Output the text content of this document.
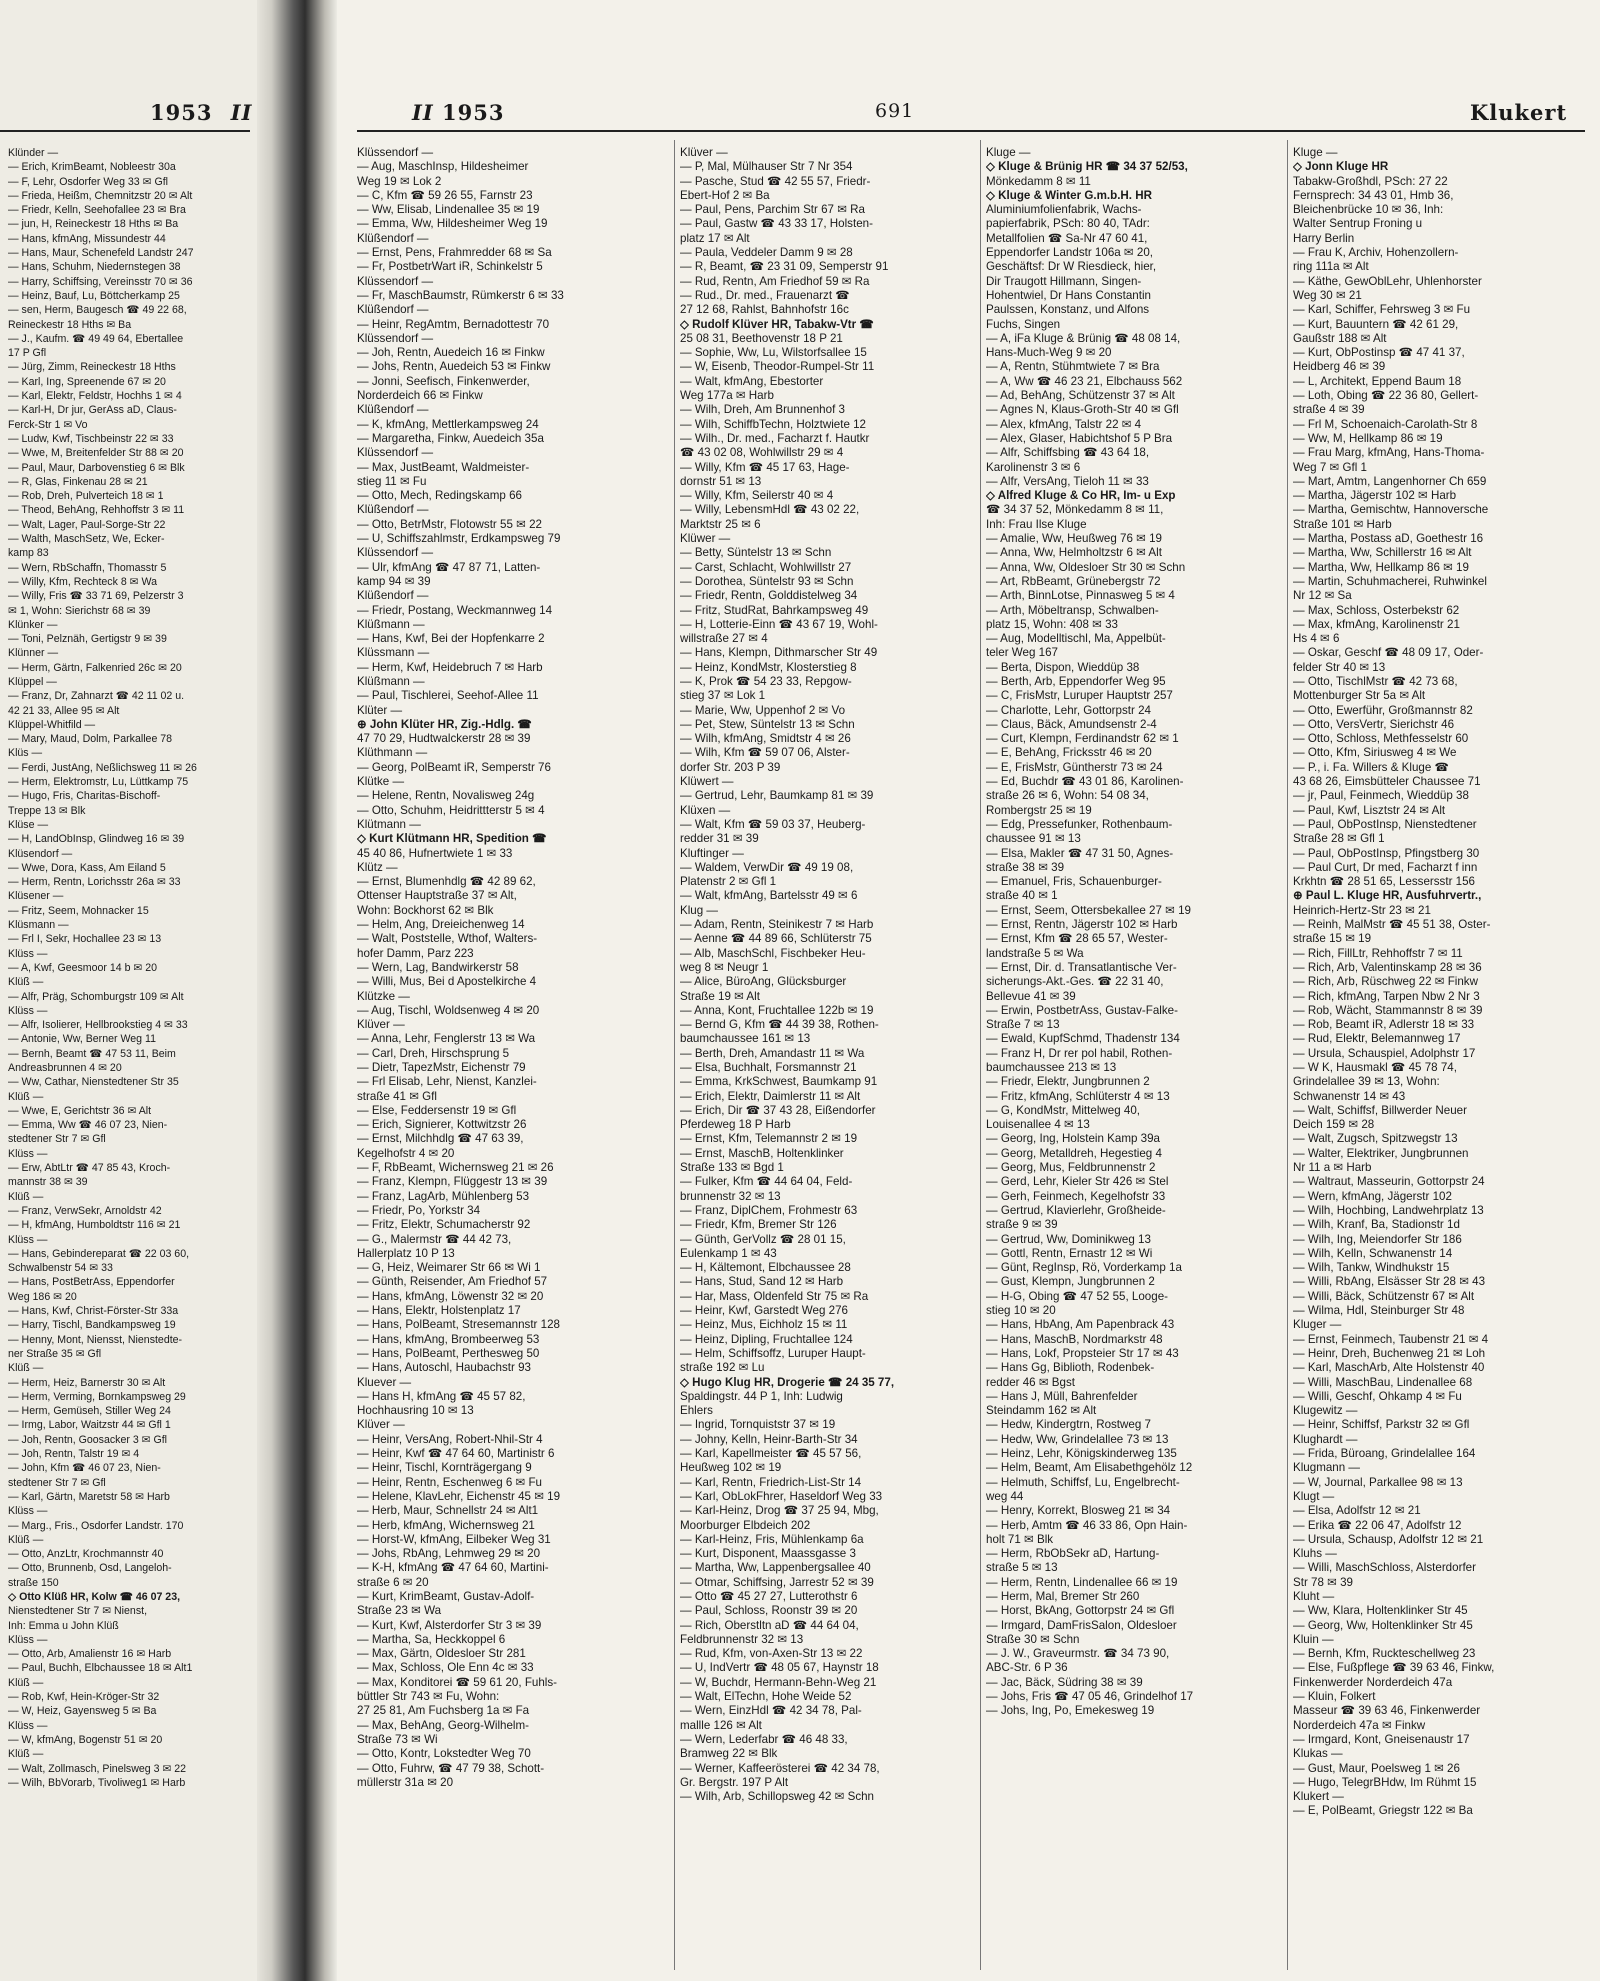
1953 II
Klünder —
— Erich, KrimBeamt, Nobleestr 30a
— F, Lehr, Osdorfer Weg 33 ✉ Gfl
— Frieda, Heißm, Chemnitzstr 20 ✉ Alt
— Friedr, Kelln, Seehofallee 23 ✉ Bra
— jun, H, Reineckestr 18 Hths ✉ Ba
— Hans, kfmAng, Missundestr 44
— Hans, Maur, Schenefeld Landstr 247
— Hans, Schuhm, Niedernstegen 38
— Harry, Schiffsing, Vereinsstr 70 ✉ 36
— Heinz, Bauf, Lu, Böttcherkamp 25
— sen, Herm, Baugesch ☎ 49 22 68,
Reineckestr 18 Hths ✉ Ba
— J., Kaufm. ☎ 49 49 64, Ebertallee
17 P Gfl
— Jürg, Zimm, Reineckestr 18 Hths
— Karl, Ing, Spreenende 67 ✉ 20
— Karl, Elektr, Feldstr, Hochhs 1 ✉ 4
— Karl-H, Dr jur, GerAss aD, Claus-
Ferck-Str 1 ✉ Vo
— Ludw, Kwf, Tischbeinstr 22 ✉ 33
— Wwe, M, Breitenfelder Str 88 ✉ 20
— Paul, Maur, Darbovenstieg 6 ✉ Blk
— R, Glas, Finkenau 28 ✉ 21
— Rob, Dreh, Pulverteich 18 ✉ 1
— Theod, BehAng, Rehhoffstr 3 ✉ 11
— Walt, Lager, Paul-Sorge-Str 22
— Walth, MaschSetz, We, Ecker-
kamp 83
— Wern, RbSchaffn, Thomasstr 5
— Willy, Kfm, Rechteck 8 ✉ Wa
— Willy, Fris ☎ 33 71 69, Pelzerstr 3
✉ 1, Wohn: Sierichstr 68 ✉ 39
Klünker —
— Toni, Pelznäh, Gertigstr 9 ✉ 39
Klünner —
— Herm, Gärtn, Falkenried 26c ✉ 20
Klüppel —
— Franz, Dr, Zahnarzt ☎ 42 11 02 u.
42 21 33, Allee 95 ✉ Alt
Klüppel-Whitfild —
— Mary, Maud, Dolm, Parkallee 78
Klüs —
— Ferdi, JustAng, Neßlichsweg 11 ✉ 26
— Herm, Elektromstr, Lu, Lüttkamp 75
— Hugo, Fris, Charitas-Bischoff-
Treppe 13 ✉ Blk
Klüse —
— H, LandObInsp, Glindweg 16 ✉ 39
Klüsendorf —
— Wwe, Dora, Kass, Am Eiland 5
— Herm, Rentn, Lorichsstr 26a ✉ 33
Klüsener —
— Fritz, Seem, Mohnacker 15
Klüsmann —
— Frl I, Sekr, Hochallee 23 ✉ 13
Klüss —
— A, Kwf, Geesmoor 14 b ✉ 20
Klüß —
— Alfr, Präg, Schomburgstr 109 ✉ Alt
Klüss —
— Alfr, Isolierer, Hellbrookstieg 4 ✉ 33
— Antonie, Ww, Berner Weg 11
— Bernh, Beamt ☎ 47 53 11, Beim
Andreasbrunnen 4 ✉ 20
— Ww, Cathar, Nienstedtener Str 35
Klüß —
— Wwe, E, Gerichtstr 36 ✉ Alt
— Emma, Ww ☎ 46 07 23, Nien-
stedtener Str 7 ✉ Gfl
Klüss —
— Erw, AbtLtr ☎ 47 85 43, Kroch-
mannstr 38 ✉ 39
Klüß —
— Franz, VerwSekr, Arnoldstr 42
— H, kfmAng, Humboldtstr 116 ✉ 21
Klüss —
— Hans, Gebindereparat ☎ 22 03 60,
Schwalbenstr 54 ✉ 33
— Hans, PostBetrAss, Eppendorfer
Weg 186 ✉ 20
— Hans, Kwf, Christ-Förster-Str 33a
— Harry, Tischl, Bandkampsweg 19
— Henny, Mont, Niensst, Nienstedte-
ner Straße 35 ✉ Gfl
Klüß —
— Herm, Heiz, Barnerstr 30 ✉ Alt
— Herm, Verming, Bornkampsweg 29
— Herm, Gemüseh, Stiller Weg 24
— Irmg, Labor, Waitzstr 44 ✉ Gfl 1
— Joh, Rentn, Goosacker 3 ✉ Gfl
— Joh, Rentn, Talstr 19 ✉ 4
— John, Kfm ☎ 46 07 23, Nien-
stedtener Str 7 ✉ Gfl
— Karl, Gärtn, Maretstr 58 ✉ Harb
Klüss —
— Marg., Fris., Osdorfer Landstr. 170
Klüß —
— Otto, AnzLtr, Krochmannstr 40
— Otto, Brunnenb, Osd, Langeloh-
straße 150
◇ Otto Klüß HR, Kolw ☎ 46 07 23,
Nienstedtener Str 7 ✉ Nienst,
Inh: Emma u John Klüß
Klüss —
— Otto, Arb, Amalienstr 16 ✉ Harb
— Paul, Buchh, Elbchaussee 18 ✉ Alt1
Klüß —
— Rob, Kwf, Hein-Kröger-Str 32
— W, Heiz, Gayensweg 5 ✉ Ba
Klüss —
— W, kfmAng, Bogenstr 51 ✉ 20
Klüß —
— Walt, Zollmasch, Pinelsweg 3 ✉ 22
— Wilh, BbVorarb, Tivoliweg1 ✉ Harb
II 1953	691	Klukert
Klüssendorf —
— Aug, MaschInsp, Hildesheimer
Weg 19 ✉ Lok 2
— C, Kfm ☎ 59 26 55, Farnstr 23
— Ww, Elisab, Lindenallee 35 ✉ 19
— Emma, Ww, Hildesheimer Weg 19
Klüßendorf —
— Ernst, Pens, Frahmredder 68 ✉ Sa
— Fr, PostbetrWart iR, Schinkelstr 5
Klüssendorf —
— Fr, MaschBaumstr, Rümkerstr 6 ✉ 33
Klüßendorf —
— Heinr, RegAmtm, Bernadottestr 70
Klüssendorf —
— Joh, Rentn, Auedeich 16 ✉ Finkw
— Johs, Rentn, Auedeich 53 ✉ Finkw
— Jonni, Seefisch, Finkenwerder,
Norderdeich 66 ✉ Finkw
Klüßendorf —
— K, kfmAng, Mettlerkampsweg 24
— Margaretha, Finkw, Auedeich 35a
Klüssendorf —
— Max, JustBeamt, Waldmeister-
stieg 11 ✉ Fu
— Otto, Mech, Redingskamp 66
Klüßendorf —
— Otto, BetrMstr, Flotowstr 55 ✉ 22
— U, Schiffszahlmstr, Erdkampsweg 79
Klüssendorf —
— Ulr, kfmAng ☎ 47 87 71, Latten-
kamp 94 ✉ 39
Klüßendorf —
— Friedr, Postang, Weckmannweg 14
Klüßmann —
— Hans, Kwf, Bei der Hopfenkarre 2
Klüssmann —
— Herm, Kwf, Heidebruch 7 ✉ Harb
Klüßmann —
— Paul, Tischlerei, Seehof-Allee 11
Klüter —
⊕ John Klüter HR, Zig.-Hdlg. ☎
47 70 29, Hudtwalckerstr 28 ✉ 39
Klüthmann —
— Georg, PolBeamt iR, Semperstr 76
Klütke —
— Helene, Rentn, Novalisweg 24g
— Otto, Schuhm, Heidrittterstr 5 ✉ 4
Klütmann —
◇ Kurt Klütmann HR, Spedition ☎
45 40 86, Hufnertwiete 1 ✉ 33
Klütz —
— Ernst, Blumenhdlg ☎ 42 89 62,
Ottenser Hauptstraße 37 ✉ Alt,
Wohn: Bockhorst 62 ✉ Blk
— Helm, Ang, Dreieichenweg 14
— Walt, Poststelle, Wthof, Walters-
hofer Damm, Parz 223
— Wern, Lag, Bandwirkerstr 58
— Willi, Mus, Bei d Apostelkirche 4
Klützke —
— Aug, Tischl, Woldsenweg 4 ✉ 20
Klüver —
— Anna, Lehr, Fenglerstr 13 ✉ Wa
— Carl, Dreh, Hirschsprung 5
— Dietr, TapezMstr, Eichenstr 79
— Frl Elisab, Lehr, Nienst, Kanzlei-
straße 41 ✉ Gfl
— Else, Feddersenstr 19 ✉ Gfl
— Erich, Signierer, Kottwitzstr 26
— Ernst, Milchhdlg ☎ 47 63 39,
Kegelhofstr 4 ✉ 20
— F, RbBeamt, Wichernsweg 21 ✉ 26
— Franz, Klempn, Flüggestr 13 ✉ 39
— Franz, LagArb, Mühlenberg 53
— Friedr, Po, Yorkstr 34
— Fritz, Elektr, Schumacherstr 92
— G., Malermstr ☎ 44 42 73,
Hallerplatz 10 P 13
— G, Heiz, Weimarer Str 66 ✉ Wi 1
— Günth, Reisender, Am Friedhof 57
— Hans, kfmAng, Löwenstr 32 ✉ 20
— Hans, Elektr, Holstenplatz 17
— Hans, PolBeamt, Stresemannstr 128
— Hans, kfmAng, Brombeerweg 53
— Hans, PolBeamt, Perthesweg 50
— Hans, Autoschl, Haubachstr 93
Kluever —
— Hans H, kfmAng ☎ 45 57 82,
Hochhausring 10 ✉ 13
Klüver —
— Heinr, VersAng, Robert-Nhil-Str 4
— Heinr, Kwf ☎ 47 64 60, Martinistr 6
— Heinr, Tischl, Kornträgergang 9
— Heinr, Rentn, Eschenweg 6 ✉ Fu
— Helene, KlavLehr, Eichenstr 45 ✉ 19
— Herb, Maur, Schnellstr 24 ✉ Alt1
— Herb, kfmAng, Wichernsweg 21
— Horst-W, kfmAng, Eilbeker Weg 31
— Johs, RbAng, Lehmweg 29 ✉ 20
— K-H, kfmAng ☎ 47 64 60, Martini-
straße 6 ✉ 20
— Kurt, KrimBeamt, Gustav-Adolf-
Straße 23 ✉ Wa
— Kurt, Kwf, Alsterdorfer Str 3 ✉ 39
— Martha, Sa, Heckkoppel 6
— Max, Gärtn, Oldesloer Str 281
— Max, Schloss, Ole Enn 4c ✉ 33
— Max, Konditorei ☎ 59 61 20, Fuhls-
büttler Str 743 ✉ Fu, Wohn:
27 25 81, Am Fuchsberg 1a ✉ Fa
— Max, BehAng, Georg-Wilhelm-
Straße 73 ✉ Wi
— Otto, Kontr, Lokstedter Weg 70
— Otto, Fuhrw, ☎ 47 79 38, Schott-
müllerstr 31a ✉ 20
Klüver —
— P, Mal, Mülhauser Str 7 Nr 354
— Pasche, Stud ☎ 42 55 57, Friedr-
Ebert-Hof 2 ✉ Ba
— Paul, Pens, Parchim Str 67 ✉ Ra
— Paul, Gastw ☎ 43 33 17, Holsten-
platz 17 ✉ Alt
— Paula, Veddeler Damm 9 ✉ 28
— R, Beamt, ☎ 23 31 09, Semperstr 91
— Rud, Rentn, Am Friedhof 59 ✉ Ra
— Rud., Dr. med., Frauenarzt ☎
27 12 68, Rahlst, Bahnhofstr 16c
◇ Rudolf Klüver HR, Tabakw-Vtr ☎
25 08 31, Beethovenstr 18 P 21
— Sophie, Ww, Lu, Wilstorfsallee 15
— W, Eisenb, Theodor-Rumpel-Str 11
— Walt, kfmAng, Ebestorter
Weg 177a ✉ Harb
— Wilh, Dreh, Am Brunnenhof 3
— Wilh, SchiffbTechn, Holztwiete 12
— Wilh., Dr. med., Facharzt f. Hautkr
☎ 43 02 08, Wohlwillstr 29 ✉ 4
— Willy, Kfm ☎ 45 17 63, Hage-
dornstr 51 ✉ 13
— Willy, Kfm, Seilerstr 40 ✉ 4
— Willy, LebensmHdl ☎ 43 02 22,
Marktstr 25 ✉ 6
Klüwer —
— Betty, Süntelstr 13 ✉ Schn
— Carst, Schlacht, Wohlwillstr 27
— Dorothea, Süntelstr 93 ✉ Schn
— Friedr, Rentn, Golddistelweg 34
— Fritz, StudRat, Bahrkampsweg 49
— H, Lotterie-Einn ☎ 43 67 19, Wohl-
willstraße 27 ✉ 4
— Hans, Klempn, Dithmarscher Str 49
— Heinz, KondMstr, Klosterstieg 8
— K, Prok ☎ 54 23 33, Repgow-
stieg 37 ✉ Lok 1
— Marie, Ww, Uppenhof 2 ✉ Vo
— Pet, Stew, Süntelstr 13 ✉ Schn
— Wilh, kfmAng, Smidtstr 4 ✉ 26
— Wilh, Kfm ☎ 59 07 06, Alster-
dorfer Str. 203 P 39
Klüwert —
— Gertrud, Lehr, Baumkamp 81 ✉ 39
Klüxen —
— Walt, Kfm ☎ 59 03 37, Heuberg-
redder 31 ✉ 39
Kluftinger —
— Waldem, VerwDir ☎ 49 19 08,
Platenstr 2 ✉ Gfl 1
— Walt, kfmAng, Bartelsstr 49 ✉ 6
Klug —
— Adam, Rentn, Steinikestr 7 ✉ Harb
— Aenne ☎ 44 89 66, Schlüterstr 75
— Alb, MaschSchl, Fischbeker Heu-
weg 8 ✉ Neugr 1
— Alice, BüroAng, Glücksburger
Straße 19 ✉ Alt
— Anna, Kont, Fruchtallee 122b ✉ 19
— Bernd G, Kfm ☎ 44 39 38, Rothen-
baumchaussee 161 ✉ 13
— Berth, Dreh, Amandastr 11 ✉ Wa
— Elsa, Buchhalt, Forsmannstr 21
— Emma, KrkSchwest, Baumkamp 91
— Erich, Elektr, Daimlerstr 11 ✉ Alt
— Erich, Dir ☎ 37 43 28, Eißendorfer
Pferdeweg 18 P Harb
— Ernst, Kfm, Telemannstr 2 ✉ 19
— Ernst, MaschB, Holtenklinker
Straße 133 ✉ Bgd 1
— Fulker, Kfm ☎ 44 64 04, Feld-
brunnenstr 32 ✉ 13
— Franz, DiplChem, Frohmestr 63
— Friedr, Kfm, Bremer Str 126
— Günth, GerVollz ☎ 28 01 15,
Eulenkamp 1 ✉ 43
— H, Kältemont, Elbchaussee 28
— Hans, Stud, Sand 12 ✉ Harb
— Har, Mass, Oldenfeld Str 75 ✉ Ra
— Heinr, Kwf, Garstedt Weg 276
— Heinz, Mus, Eichholz 15 ✉ 11
— Heinz, Dipling, Fruchtallee 124
— Helm, Schiffsoffz, Luruper Haupt-
straße 192 ✉ Lu
◇ Hugo Klug HR, Drogerie ☎ 24 35 77,
Spaldingstr. 44 P 1, Inh: Ludwig
Ehlers
— Ingrid, Tornquiststr 37 ✉ 19
— Johny, Kelln, Heinr-Barth-Str 34
— Karl, Kapellmeister ☎ 45 57 56,
Heußweg 102 ✉ 19
— Karl, Rentn, Friedrich-List-Str 14
— Karl, ObLokFhrer, Haseldorf Weg 33
— Karl-Heinz, Drog ☎ 37 25 94, Mbg,
Moorburger Elbdeich 202
— Karl-Heinz, Fris, Mühlenkamp 6a
— Kurt, Disponent, Maassgasse 3
— Martha, Ww, Lappenbergsallee 40
— Otmar, Schiffsing, Jarrestr 52 ✉ 39
— Otto ☎ 45 27 27, Lutterothstr 6
— Paul, Schloss, Roonstr 39 ✉ 20
— Rich, Oberstltn aD ☎ 44 64 04,
Feldbrunnenstr 32 ✉ 13
— Rud, Kfm, von-Axen-Str 13 ✉ 22
— U, IndVertr ☎ 48 05 67, Haynstr 18
— W, Buchdr, Hermann-Behn-Weg 21
— Walt, ElTechn, Hohe Weide 52
— Wern, EinzHdl ☎ 42 34 78, Pal-
mallle 126 ✉ Alt
— Wern, Lederfabr ☎ 46 48 33,
Bramweg 22 ✉ Blk
— Werner, Kaffeerösterei ☎ 42 34 78,
Gr. Bergstr. 197 P Alt
— Wilh, Arb, Schillopsweg 42 ✉ Schn
Kluge —
◇ Kluge & Brünig HR ☎ 34 37 52/53,
Mönkedamm 8 ✉ 11
◇ Kluge & Winter G.m.b.H. HR
Aluminiumfolienfabrik, Wachs-
papierfabrik, PSch: 80 40, TAdr:
Metallfolien ☎ Sa-Nr 47 60 41,
Eppendorfer Landstr 106a ✉ 20,
Geschäftsf: Dr W Riesdieck, hier,
Dir Traugott Hillmann, Singen-
Hohentwiel, Dr Hans Constantin
Paulssen, Konstanz, und Alfons
Fuchs, Singen
— A, iFa Kluge & Brünig ☎ 48 08 14,
Hans-Much-Weg 9 ✉ 20
— A, Rentn, Stühmtwiete 7 ✉ Bra
— A, Ww ☎ 46 23 21, Elbchauss 562
— Ad, BehAng, Schützenstr 37 ✉ Alt
— Agnes N, Klaus-Groth-Str 40 ✉ Gfl
— Alex, kfmAng, Talstr 22 ✉ 4
— Alex, Glaser, Habichtshof 5 P Bra
— Alfr, Schiffsbing ☎ 43 64 18,
Karolinenstr 3 ✉ 6
— Alfr, VersAng, Tieloh 11 ✉ 33
◇ Alfred Kluge & Co HR, Im- u Exp
☎ 34 37 52, Mönkedamm 8 ✉ 11,
Inh: Frau Ilse Kluge
— Amalie, Ww, Heußweg 76 ✉ 19
— Anna, Ww, Helmholtzstr 6 ✉ Alt
— Anna, Ww, Oldesloer Str 30 ✉ Schn
— Art, RbBeamt, Grünebergstr 72
— Arth, BinnLotse, Pinnasweg 5 ✉ 4
— Arth, Möbeltransp, Schwalben-
platz 15, Wohn: 408 ✉ 33
— Aug, Modelltischl, Ma, Appelbüt-
teler Weg 167
— Berta, Dispon, Wieddüp 38
— Berth, Arb, Eppendorfer Weg 95
— C, FrisMstr, Luruper Hauptstr 257
— Charlotte, Lehr, Gottorpstr 24
— Claus, Bäck, Amundsenstr 2-4
— Curt, Klempn, Ferdinandstr 62 ✉ 1
— E, BehAng, Fricksstr 46 ✉ 20
— E, FrisMstr, Güntherstr 73 ✉ 24
— Ed, Buchdr ☎ 43 01 86, Karolinen-
straße 26 ✉ 6, Wohn: 54 08 34,
Rombergstr 25 ✉ 19
— Edg, Pressefunker, Rothenbaum-
chaussee 91 ✉ 13
— Elsa, Makler ☎ 47 31 50, Agnes-
straße 38 ✉ 39
— Emanuel, Fris, Schauenburger-
straße 40 ✉ 1
— Ernst, Seem, Ottersbekallee 27 ✉ 19
— Ernst, Rentn, Jägerstr 102 ✉ Harb
— Ernst, Kfm ☎ 28 65 57, Wester-
landstraße 5 ✉ Wa
— Ernst, Dir. d. Transatlantische Ver-
sicherungs-Akt.-Ges. ☎ 22 31 40,
Bellevue 41 ✉ 39
— Erwin, PostbetrAss, Gustav-Falke-
Straße 7 ✉ 13
— Ewald, KupfSchmd, Thadenstr 134
— Franz H, Dr rer pol habil, Rothen-
baumchaussee 213 ✉ 13
— Friedr, Elektr, Jungbrunnen 2
— Fritz, kfmAng, Schlüterstr 4 ✉ 13
— G, KondMstr, Mittelweg 40,
Louisenallee 4 ✉ 13
— Georg, Ing, Holstein Kamp 39a
— Georg, Metalldreh, Hegestieg 4
— Georg, Mus, Feldbrunnenstr 2
— Gerd, Lehr, Kieler Str 426 ✉ Stel
— Gerh, Feinmech, Kegelhofstr 33
— Gertrud, Klavierlehr, Großheide-
straße 9 ✉ 39
— Gertrud, Ww, Dominikweg 13
— Gottl, Rentn, Ernastr 12 ✉ Wi
— Günt, RegInsp, Rö, Vorderkamp 1a
— Gust, Klempn, Jungbrunnen 2
— H-G, Obing ☎ 47 52 55, Looge-
stieg 10 ✉ 20
— Hans, HbAng, Am Papenbrack 43
— Hans, MaschB, Nordmarkstr 48
— Hans, Lokf, Propsteier Str 17 ✉ 43
— Hans Gg, Biblioth, Rodenbek-
redder 46 ✉ Bgst
— Hans J, Müll, Bahrenfelder
Steindamm 162 ✉ Alt
— Hedw, Kindergtrn, Rostweg 7
— Hedw, Ww, Grindelallee 73 ✉ 13
— Heinz, Lehr, Königskinderweg 135
— Helm, Beamt, Am Elisabethgehölz 12
— Helmuth, Schiffsf, Lu, Engelbrecht-
weg 44
— Henry, Korrekt, Blosweg 21 ✉ 34
— Herb, Amtm ☎ 46 33 86, Opn Hain-
holt 71 ✉ Blk
— Herm, RbObSekr aD, Hartung-
straße 5 ✉ 13
— Herm, Rentn, Lindenallee 66 ✉ 19
— Herm, Mal, Bremer Str 260
— Horst, BkAng, Gottorpstr 24 ✉ Gfl
— Irmgard, DamFrisSalon, Oldesloer
Straße 30 ✉ Schn
— J. W., Graveurmstr. ☎ 34 73 90,
ABC-Str. 6 P 36
— Jac, Bäck, Südring 38 ✉ 39
— Johs, Fris ☎ 47 05 46, Grindelhof 17
— Johs, Ing, Po, Emekesweg 19
Kluge —
◇ Jonn Kluge HR
Tabakw-Großhdl, PSch: 27 22
Fernsprech: 34 43 01, Hmb 36,
Bleichenbrücke 10 ✉ 36, Inh:
Walter Sentrup Froning u
Harry Berlin
— Frau K, Archiv, Hohenzollern-
ring 111a ✉ Alt
— Käthe, GewOblLehr, Uhlenhorster
Weg 30 ✉ 21
— Karl, Schiffer, Fehrsweg 3 ✉ Fu
— Kurt, Bauuntern ☎ 42 61 29,
Gaußstr 188 ✉ Alt
— Kurt, ObPostinsp ☎ 47 41 37,
Heidberg 46 ✉ 39
— L, Architekt, Eppend Baum 18
— Loth, Obing ☎ 22 36 80, Gellert-
straße 4 ✉ 39
— Frl M, Schoenaich-Carolath-Str 8
— Ww, M, Hellkamp 86 ✉ 19
— Frau Marg, kfmAng, Hans-Thoma-
Weg 7 ✉ Gfl 1
— Mart, Amtm, Langenhorner Ch 659
— Martha, Jägerstr 102 ✉ Harb
— Martha, Gemischtw, Hannoversche
Straße 101 ✉ Harb
— Martha, Postass aD, Goethestr 16
— Martha, Ww, Schillerstr 16 ✉ Alt
— Martha, Ww, Hellkamp 86 ✉ 19
— Martin, Schuhmacherei, Ruhwinkel
Nr 12 ✉ Sa
— Max, Schloss, Osterbekstr 62
— Max, kfmAng, Karolinenstr 21
Hs 4 ✉ 6
— Oskar, Geschf ☎ 48 09 17, Oder-
felder Str 40 ✉ 13
— Otto, TischlMstr ☎ 42 73 68,
Mottenburger Str 5a ✉ Alt
— Otto, Ewerführ, Großmannstr 82
— Otto, VersVertr, Sierichstr 46
— Otto, Schloss, Methfesselstr 60
— Otto, Kfm, Siriusweg 4 ✉ We
— P., i. Fa. Willers & Kluge ☎
43 68 26, Eimsbütteler Chaussee 71
— jr, Paul, Feinmech, Wieddüp 38
— Paul, Kwf, Lisztstr 24 ✉ Alt
— Paul, ObPostInsp, Nienstedtener
Straße 28 ✉ Gfl 1
— Paul, ObPostInsp, Pfingstberg 30
— Paul Curt, Dr med, Facharzt f inn
Krkhtn ☎ 28 51 65, Lessersstr 156
⊕ Paul L. Kluge HR, Ausfuhrvertr.,
Heinrich-Hertz-Str 23 ✉ 21
— Reinh, MalMstr ☎ 45 51 38, Oster-
straße 15 ✉ 19
— Rich, FillLtr, Rehhoffstr 7 ✉ 11
— Rich, Arb, Valentinskamp 28 ✉ 36
— Rich, Arb, Rüschweg 22 ✉ Finkw
— Rich, kfmAng, Tarpen Nbw 2 Nr 3
— Rob, Wächt, Stammannstr 8 ✉ 39
— Rob, Beamt iR, Adlerstr 18 ✉ 33
— Rud, Elektr, Belemannweg 17
— Ursula, Schauspiel, Adolphstr 17
— W K, Hausmakl ☎ 45 78 74,
Grindelallee 39 ✉ 13, Wohn:
Schwanenstr 14 ✉ 43
— Walt, Schiffsf, Billwerder Neuer
Deich 159 ✉ 28
— Walt, Zugsch, Spitzwegstr 13
— Walter, Elektriker, Jungbrunnen
Nr 11 a ✉ Harb
— Waltraut, Masseurin, Gottorpstr 24
— Wern, kfmAng, Jägerstr 102
— Wilh, Hochbing, Landwehrplatz 13
— Wilh, Kranf, Ba, Stadionstr 1d
— Wilh, Ing, Meiendorfer Str 186
— Wilh, Kelln, Schwanenstr 14
— Wilh, Tankw, Windhukstr 15
— Willi, RbAng, Elsässer Str 28 ✉ 43
— Willi, Bäck, Schützenstr 67 ✉ Alt
— Wilma, Hdl, Steinburger Str 48
Kluger —
— Ernst, Feinmech, Taubenstr 21 ✉ 4
— Heinr, Dreh, Buchenweg 21 ✉ Loh
— Karl, MaschArb, Alte Holstenstr 40
— Willi, MaschBau, Lindenallee 68
— Willi, Geschf, Ohkamp 4 ✉ Fu
Klugewitz —
— Heinr, Schiffsf, Parkstr 32 ✉ Gfl
Klughardt —
— Frida, Büroang, Grindelallee 164
Klugmann —
— W, Journal, Parkallee 98 ✉ 13
Klugt —
— Elsa, Adolfstr 12 ✉ 21
— Erika ☎ 22 06 47, Adolfstr 12
— Ursula, Schausp, Adolfstr 12 ✉ 21
Kluhs —
— Willi, MaschSchloss, Alsterdorfer
Str 78 ✉ 39
Kluht —
— Ww, Klara, Holtenklinker Str 45
— Georg, Ww, Holtenklinker Str 45
Kluin —
— Bernh, Kfm, Ruckteschellweg 23
— Else, Fußpflege ☎ 39 63 46, Finkw,
Finkenwerder Norderdeich 47a
— Kluin, Folkert
Masseur ☎ 39 63 46, Finkenwerder
Norderdeich 47a ✉ Finkw
— Irmgard, Kont, Gneisenaustr 17
Klukas —
— Gust, Maur, Poelsweg 1 ✉ 26
— Hugo, TelegrBHdw, Im Rühmt 15
Klukert —
— E, PolBeamt, Griegstr 122 ✉ Ba
